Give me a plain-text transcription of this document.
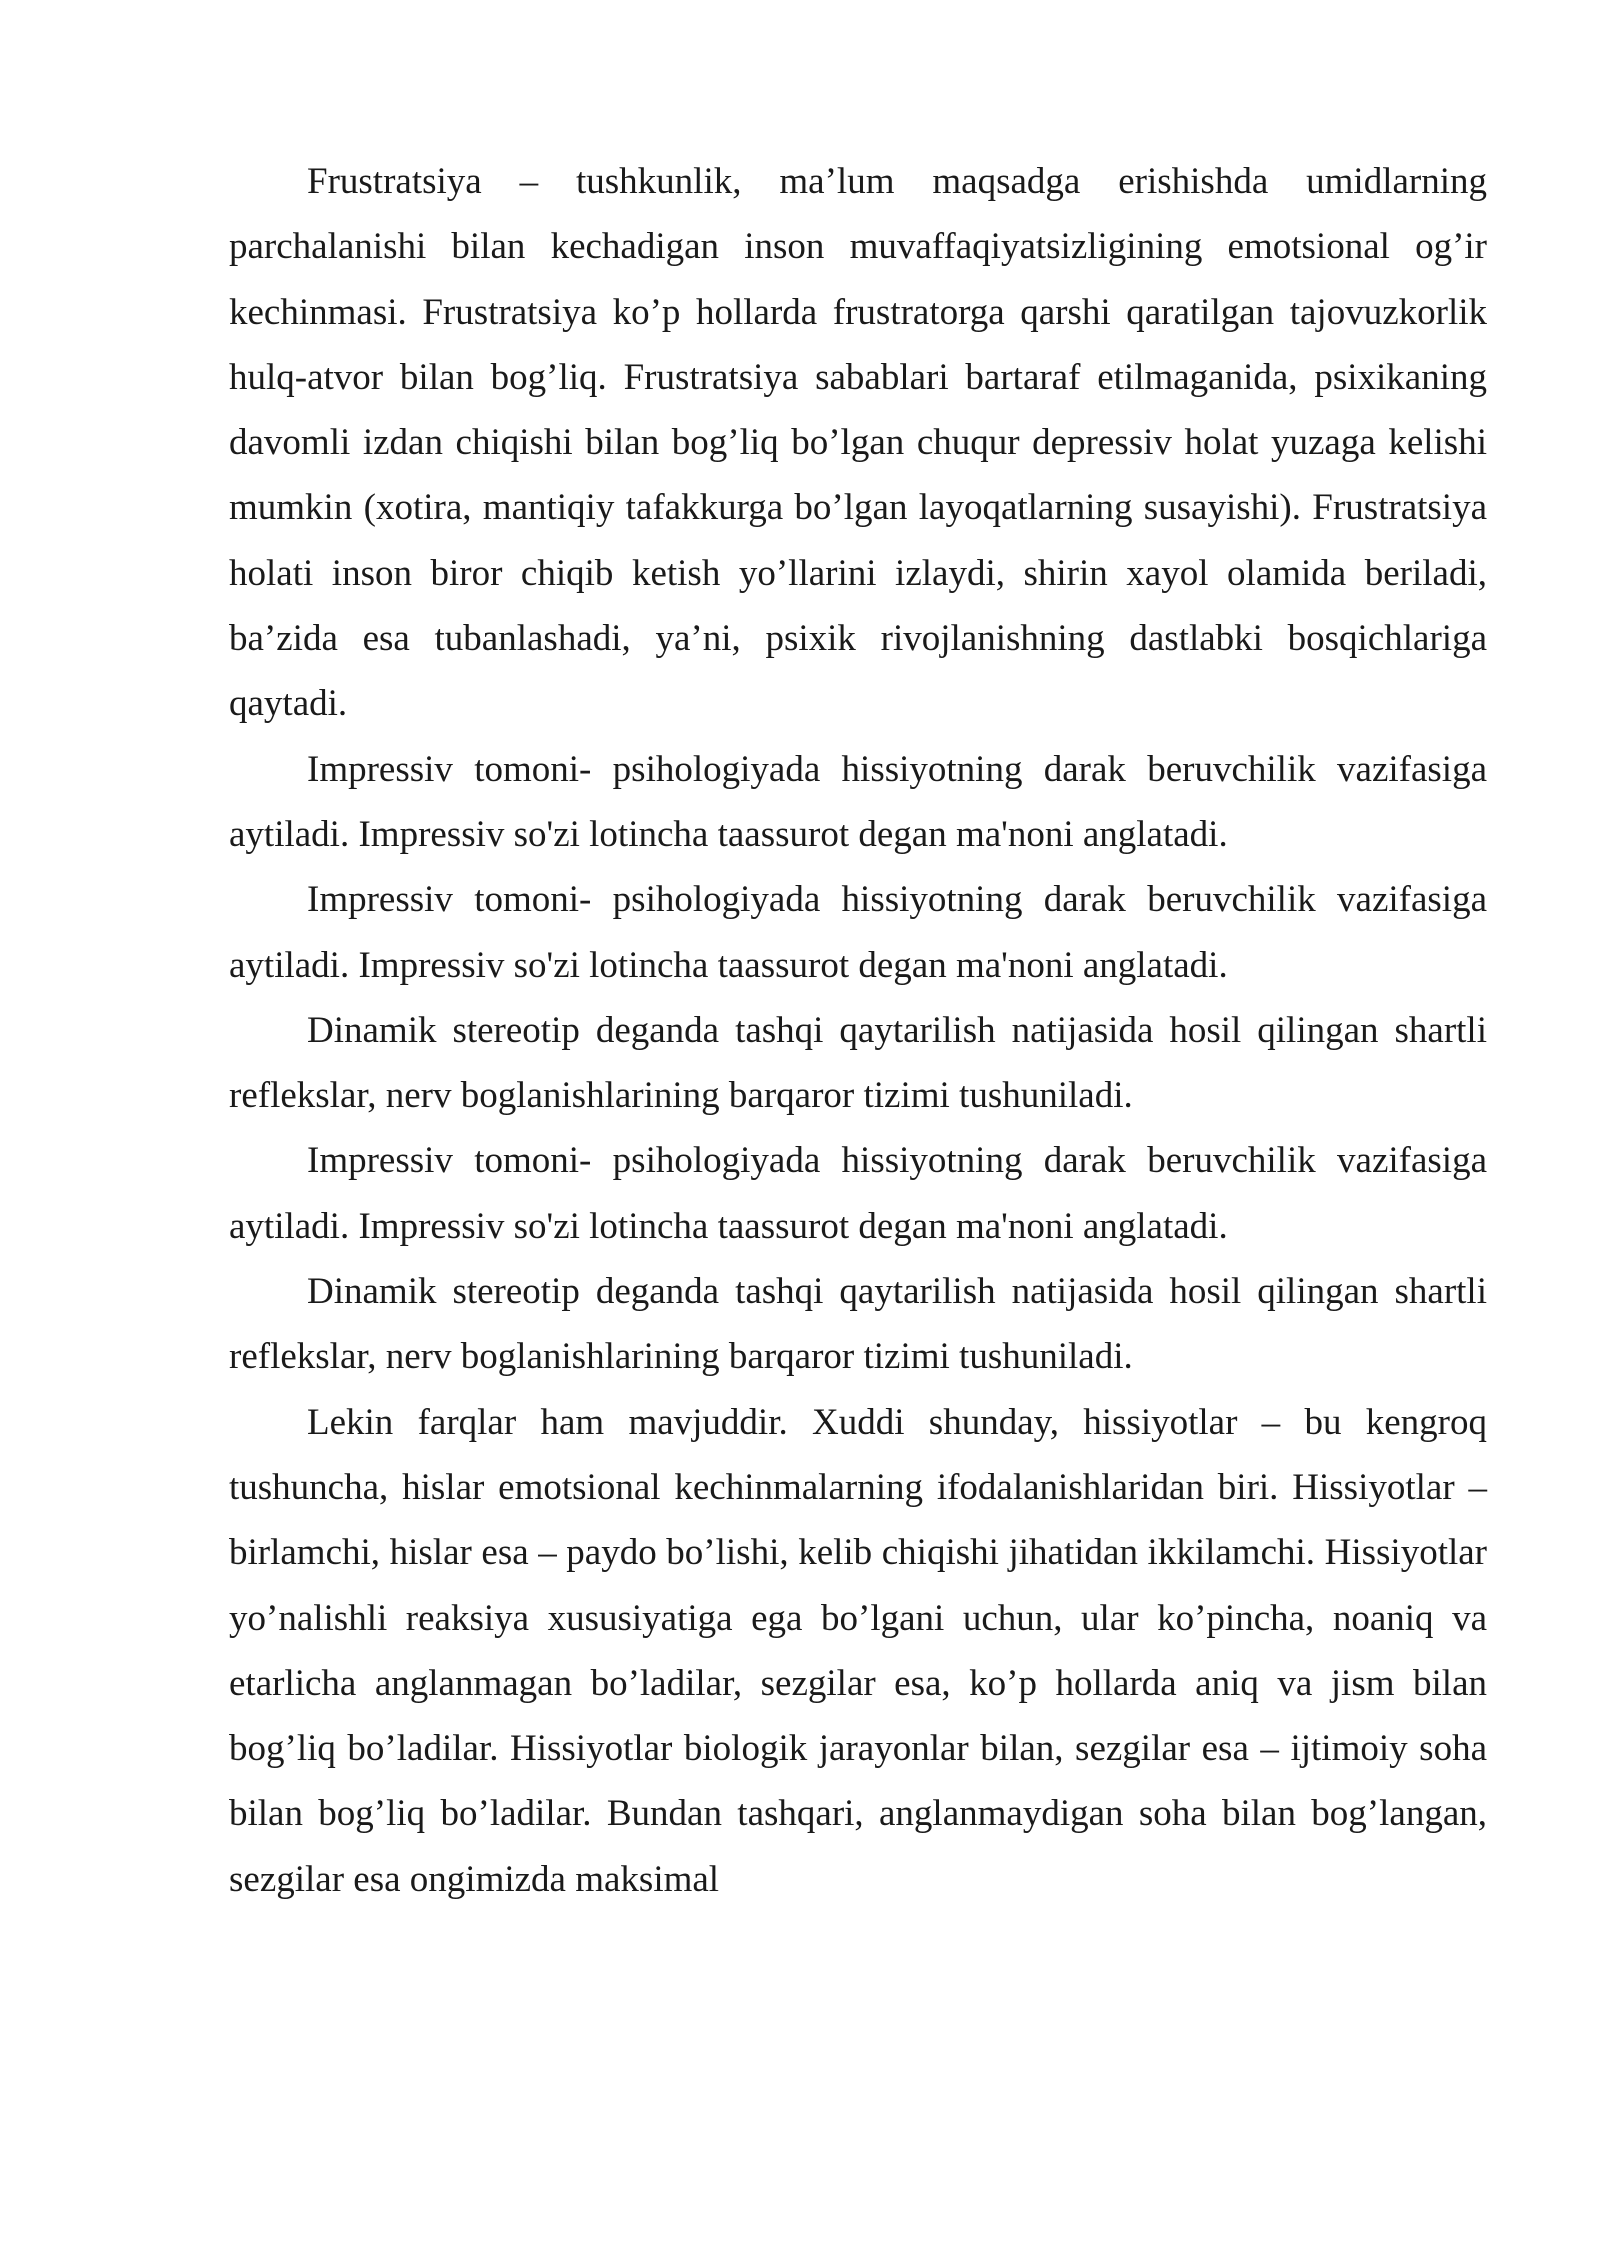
Frustratsiya – tushkunlik, ma’lum maqsadga erishishda umidlarning parchalanishi bilan kechadigan inson muvaffaqiyatsizligining emotsional og’ir kechinmasi. Frustratsiya ko’p hollarda frustratorga qarshi qaratilgan tajovuzkorlik hulq-atvor bilan bog’liq. Frustratsiya sabablari bartaraf etilmaganida, psixikaning davomli izdan chiqishi bilan bog’liq bo’lgan chuqur depressiv holat yuzaga kelishi mumkin (xotira, mantiqiy tafakkurga bo’lgan layoqatlarning susayishi). Frustratsiya holati inson biror chiqib ketish yo’llarini izlaydi, shirin xayol olamida beriladi, ba’zida esa tubanlashadi, ya’ni, psixik rivojlanishning dastlabki bosqichlariga qaytadi.

Impressiv tomoni- psihologiyada hissiyotning darak beruvchilik vazifasiga aytiladi. Impressiv so'zi lotincha taassurot degan ma'noni anglatadi.

Impressiv tomoni- psihologiyada hissiyotning darak beruvchilik vazifasiga aytiladi. Impressiv so'zi lotincha taassurot degan ma'noni anglatadi.

Dinamik stereotip deganda tashqi qaytarilish natijasida hosil qilingan shartli reflekslar, nerv boglanishlarining barqaror tizimi tushuniladi.

Impressiv tomoni- psihologiyada hissiyotning darak beruvchilik vazifasiga aytiladi. Impressiv so'zi lotincha taassurot degan ma'noni anglatadi.

Dinamik stereotip deganda tashqi qaytarilish natijasida hosil qilingan shartli reflekslar, nerv boglanishlarining barqaror tizimi tushuniladi.

Lekin farqlar ham mavjuddir. Xuddi shunday, hissiyotlar – bu kengroq tushuncha, hislar emotsional kechinmalarning ifodalanishlaridan biri. Hissiyotlar – birlamchi, hislar esa – paydo bo’lishi, kelib chiqishi jihatidan ikkilamchi. Hissiyotlar yo’nalishli reaksiya xususiyatiga ega bo’lgani uchun, ular ko’pincha, noaniq va etarlicha anglanmagan bo’ladilar, sezgilar esa, ko’p hollarda aniq va jism bilan bog’liq bo’ladilar. Hissiyotlar biologik jarayonlar bilan, sezgilar esa – ijtimoiy soha bilan bog’liq bo’ladilar. Bundan tashqari, anglanmaydigan soha bilan bog’langan, sezgilar esa ongimizda maksimal
